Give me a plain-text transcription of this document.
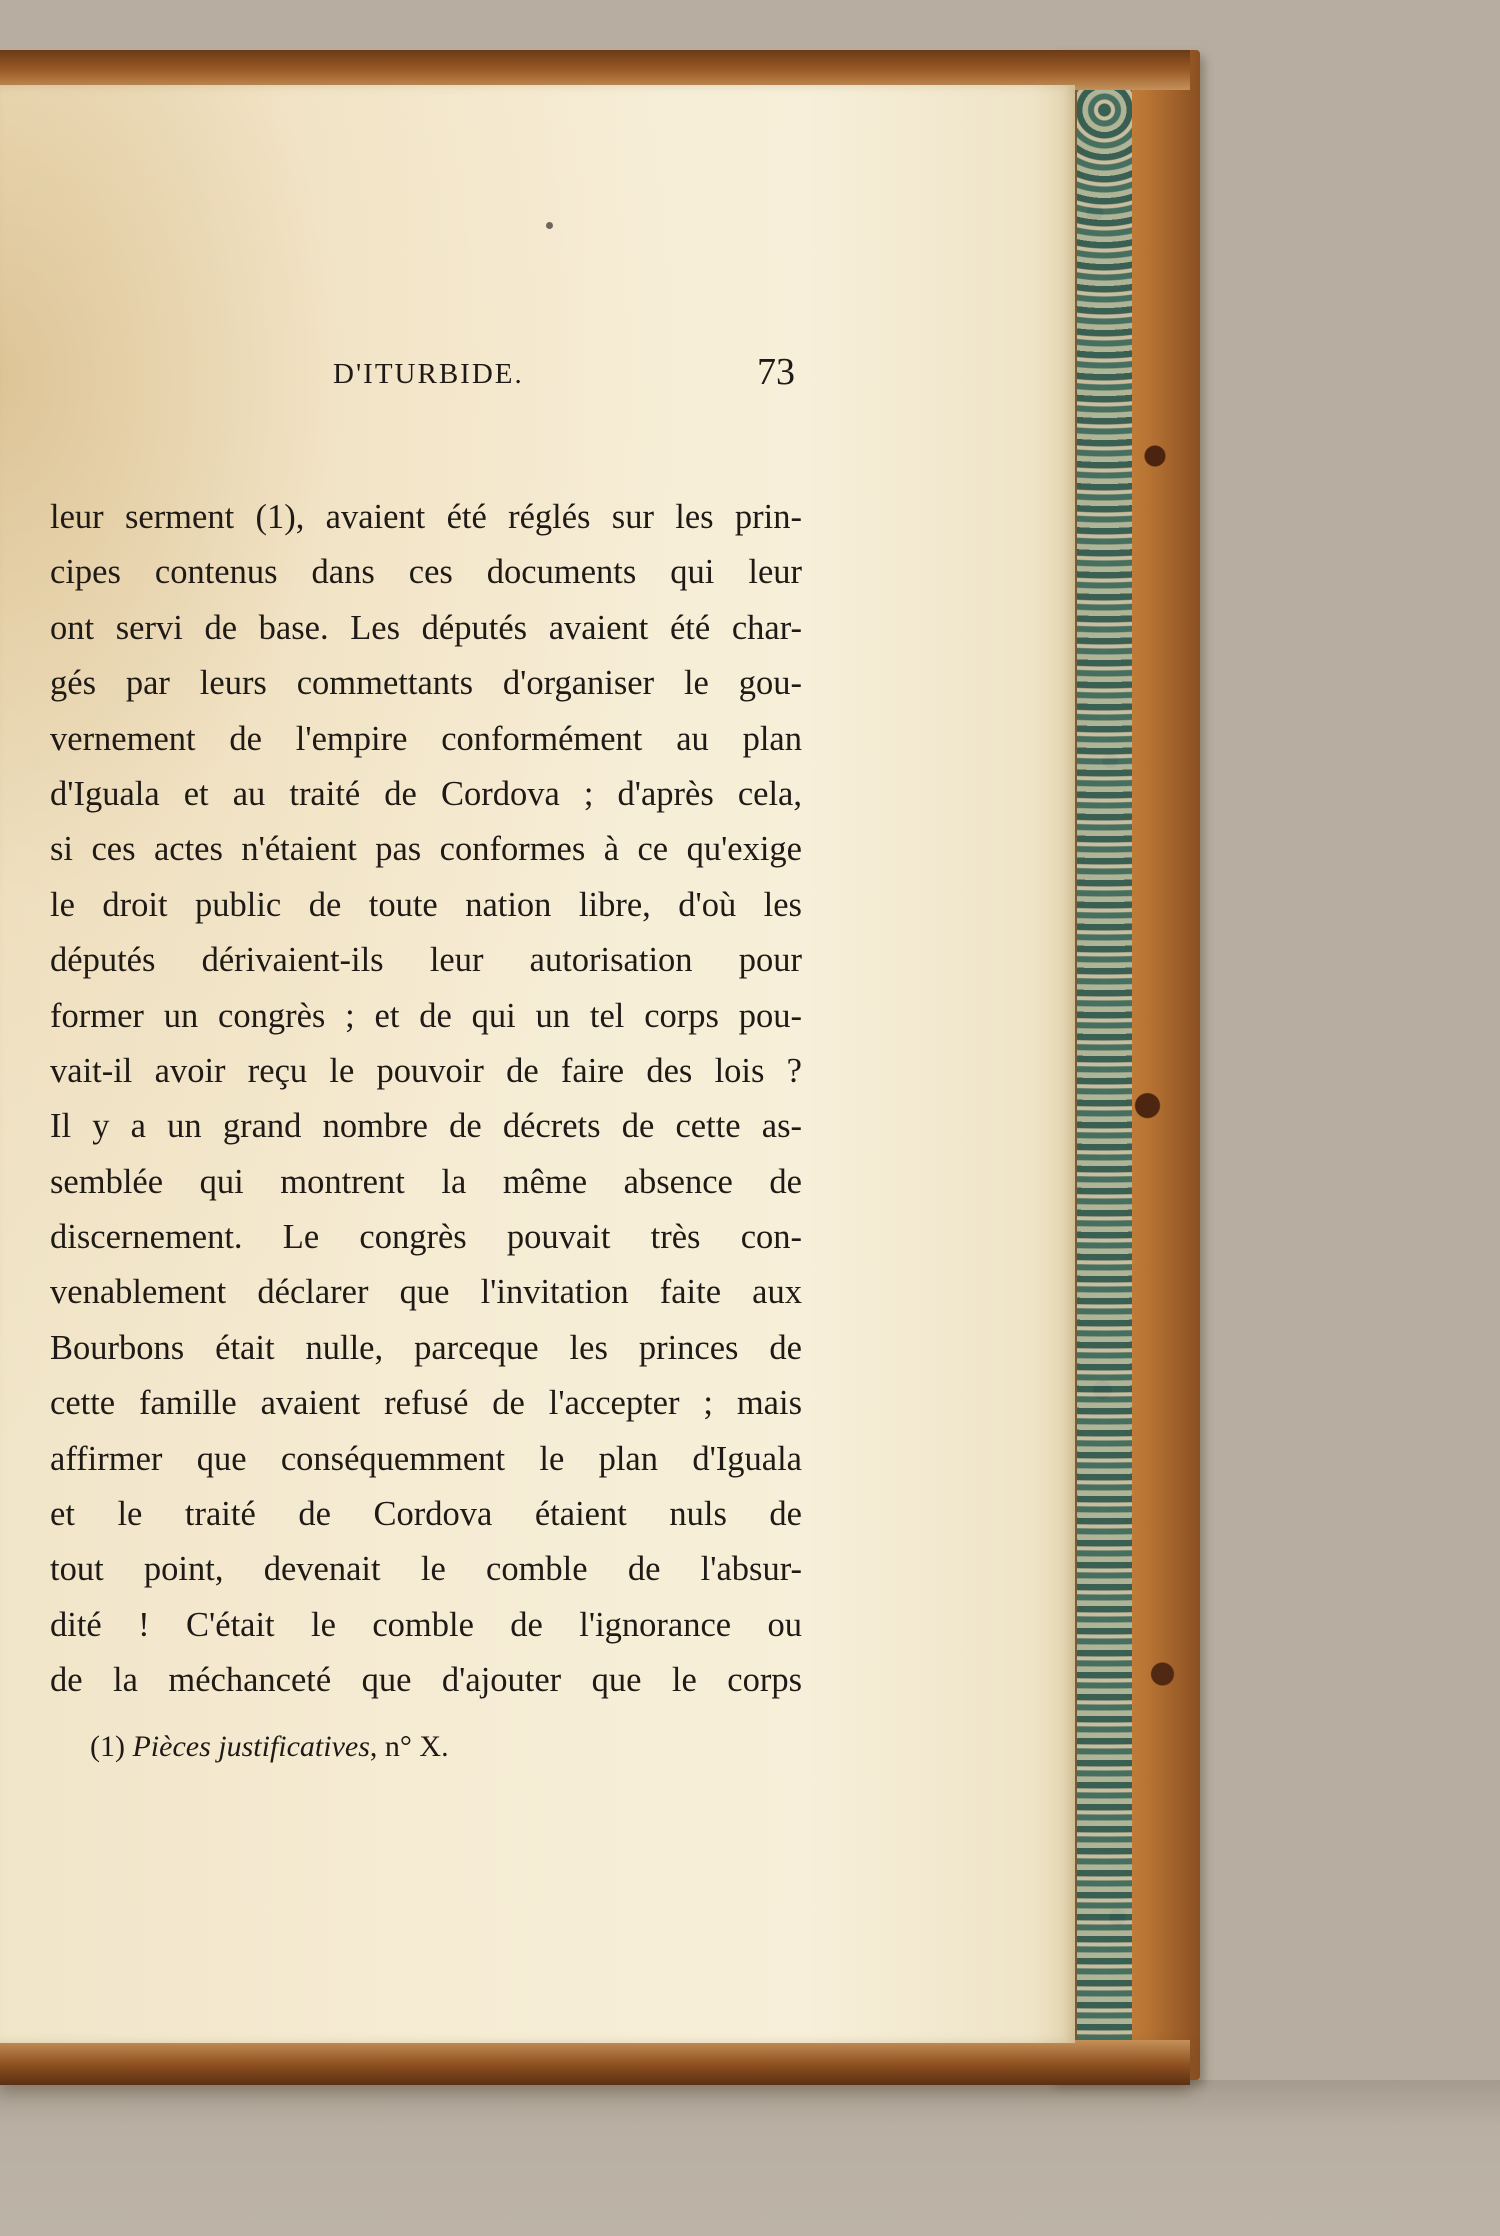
D'ITURBIDE.	73
leur serment (1), avaient été réglés sur les prin-
cipes contenus dans ces documents qui leur
ont servi de base. Les députés avaient été char-
gés par leurs commettants d'organiser le gou-
vernement de l'empire conformément au plan
d'Iguala et au traité de Cordova ; d'après cela,
si ces actes n'étaient pas conformes à ce qu'exige
le droit public de toute nation libre, d'où les
députés dérivaient-ils leur autorisation pour
former un congrès ; et de qui un tel corps pou-
vait-il avoir reçu le pouvoir de faire des lois ?
Il y a un grand nombre de décrets de cette as-
semblée qui montrent la même absence de
discernement. Le congrès pouvait très con-
venablement déclarer que l'invitation faite aux
Bourbons était nulle, parceque les princes de
cette famille avaient refusé de l'accepter ; mais
affirmer que conséquemment le plan d'Iguala
et le traité de Cordova étaient nuls de
tout point, devenait le comble de l'absur-
dité ! C'était le comble de l'ignorance ou
de la méchanceté que d'ajouter que le corps
(1) Pièces justificatives, n° X.
